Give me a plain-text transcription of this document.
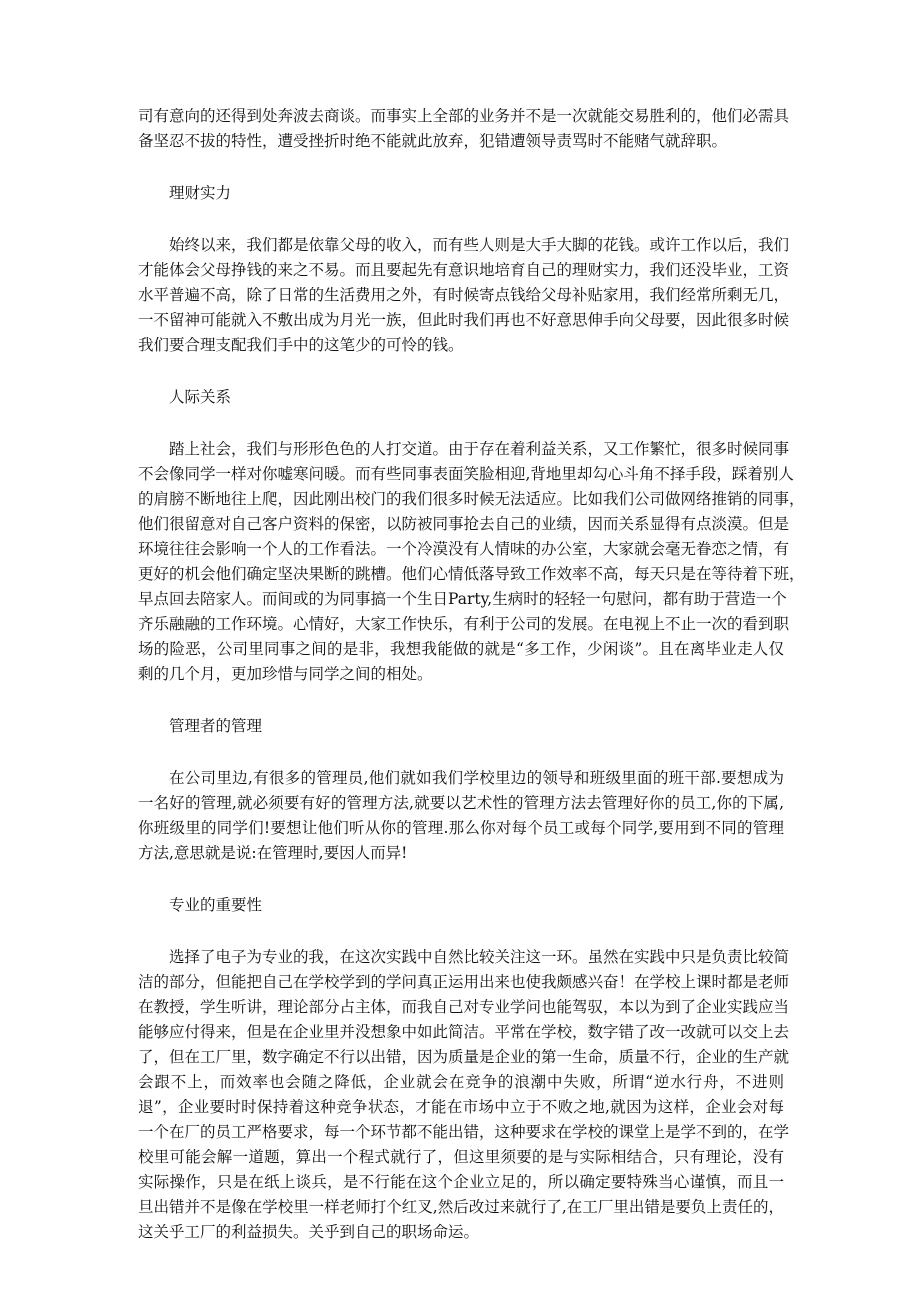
司有意向的还得到处奔波去商谈。而事实上全部的业务并不是一次就能交易胜利的，他们必需具
备坚忍不拔的特性，遭受挫折时绝不能就此放弃，犯错遭领导责骂时不能赌气就辞职。
理财实力
始终以来，我们都是依靠父母的收入，而有些人则是大手大脚的花钱。或许工作以后，我们
才能体会父母挣钱的来之不易。而且要起先有意识地培育自己的理财实力，我们还没毕业，工资
水平普遍不高，除了日常的生活费用之外，有时候寄点钱给父母补贴家用，我们经常所剩无几，
一不留神可能就入不敷出成为月光一族，但此时我们再也不好意思伸手向父母要，因此很多时候
我们要合理支配我们手中的这笔少的可怜的钱。
人际关系
踏上社会，我们与形形色色的人打交道。由于存在着利益关系，又工作繁忙，很多时候同事
不会像同学一样对你嘘寒问暖。而有些同事表面笑脸相迎,背地里却勾心斗角不择手段，踩着别人
的肩膀不断地往上爬，因此刚出校门的我们很多时候无法适应。比如我们公司做网络推销的同事，
他们很留意对自己客户资料的保密，以防被同事抢去自己的业绩，因而关系显得有点淡漠。但是
环境往往会影响一个人的工作看法。一个冷漠没有人情味的办公室，大家就会毫无眷恋之情，有
更好的机会他们确定坚决果断的跳槽。他们心情低落导致工作效率不高，每天只是在等待着下班，
早点回去陪家人。而间或的为同事搞一个生日Party,生病时的轻轻一句慰问，都有助于营造一个
齐乐融融的工作环境。心情好，大家工作快乐，有利于公司的发展。在电视上不止一次的看到职
场的险恶，公司里同事之间的是非，我想我能做的就是“多工作，少闲谈”。且在离毕业走人仅
剩的几个月，更加珍惜与同学之间的相处。
管理者的管理
在公司里边,有很多的管理员,他们就如我们学校里边的领导和班级里面的班干部.要想成为
一名好的管理,就必须要有好的管理方法,就要以艺术性的管理方法去管理好你的员工,你的下属,
你班级里的同学们!要想让他们听从你的管理.那么你对每个员工或每个同学,要用到不同的管理
方法,意思就是说:在管理时,要因人而异!
专业的重要性
选择了电子为专业的我，在这次实践中自然比较关注这一环。虽然在实践中只是负责比较简
洁的部分，但能把自己在学校学到的学问真正运用出来也使我颇感兴奋！在学校上课时都是老师
在教授，学生听讲，理论部分占主体，而我自己对专业学问也能驾驭，本以为到了企业实践应当
能够应付得来，但是在企业里并没想象中如此简洁。平常在学校，数字错了改一改就可以交上去
了，但在工厂里，数字确定不行以出错，因为质量是企业的第一生命，质量不行，企业的生产就
会跟不上，而效率也会随之降低，企业就会在竞争的浪潮中失败，所谓“逆水行舟，不进则
退”，企业要时时保持着这种竞争状态，才能在市场中立于不败之地,就因为这样，企业会对每
一个在厂的员工严格要求，每一个环节都不能出错，这种要求在学校的课堂上是学不到的，在学
校里可能会解一道题，算出一个程式就行了，但这里须要的是与实际相结合，只有理论，没有
实际操作，只是在纸上谈兵，是不行能在这个企业立足的，所以确定要特殊当心谨慎，而且一
旦出错并不是像在学校里一样老师打个红叉,然后改过来就行了,在工厂里出错是要负上责任的，
这关乎工厂的利益损失。关乎到自己的职场命运。
